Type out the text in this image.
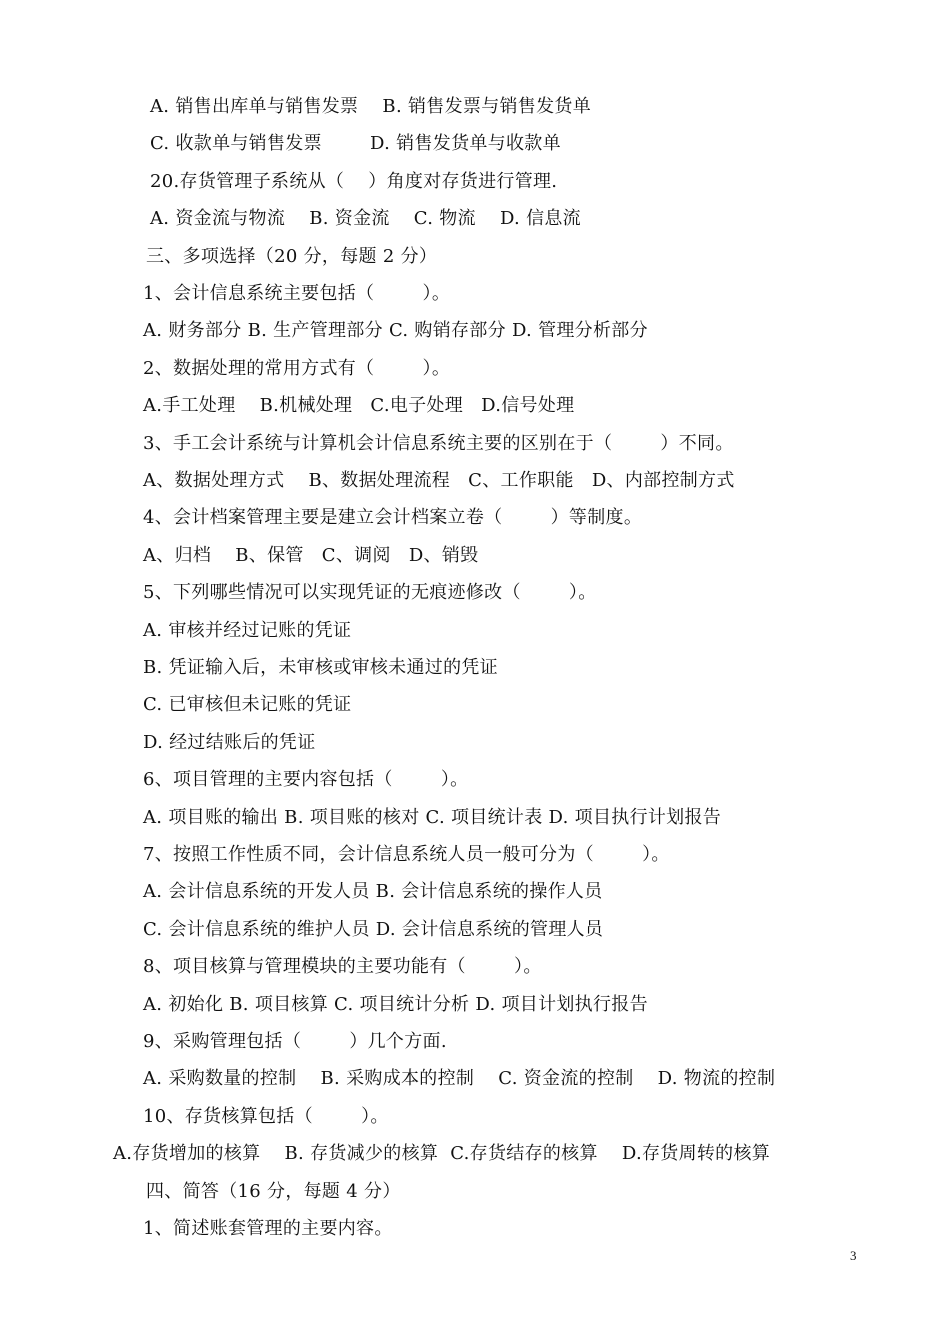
A. 销售出库单与销售发票    B. 销售发票与销售发货单
C. 收款单与销售发票        D. 销售发货单与收款单
20.存货管理子系统从（    ）角度对存货进行管理.
A. 资金流与物流    B. 资金流    C. 物流    D. 信息流
三、多项选择（20 分，每题 2 分）
1、会计信息系统主要包括（        ）。
A. 财务部分 B. 生产管理部分 C. 购销存部分 D. 管理分析部分
2、数据处理的常用方式有（        ）。
A.手工处理    B.机械处理   C.电子处理   D.信号处理
3、手工会计系统与计算机会计信息系统主要的区别在于（        ）不同。
A、数据处理方式    B、数据处理流程   C、工作职能   D、内部控制方式
4、会计档案管理主要是建立会计档案立卷（        ）等制度。
A、归档    B、保管   C、调阅   D、销毁
5、下列哪些情况可以实现凭证的无痕迹修改（        ）。
A. 审核并经过记账的凭证
B. 凭证输入后，未审核或审核未通过的凭证
C. 已审核但未记账的凭证
D. 经过结账后的凭证
6、项目管理的主要内容包括（        ）。
A. 项目账的输出 B. 项目账的核对 C. 项目统计表 D. 项目执行计划报告
7、按照工作性质不同，会计信息系统人员一般可分为（        ）。
A. 会计信息系统的开发人员 B. 会计信息系统的操作人员
C. 会计信息系统的维护人员 D. 会计信息系统的管理人员
8、项目核算与管理模块的主要功能有（        ）。
A. 初始化 B. 项目核算 C. 项目统计分析 D. 项目计划执行报告
9、采购管理包括（        ）几个方面.
A. 采购数量的控制    B. 采购成本的控制    C. 资金流的控制    D. 物流的控制
10、存货核算包括（        ）。
A.存货增加的核算    B. 存货减少的核算  C.存货结存的核算    D.存货周转的核算
四、简答（16 分，每题 4 分）
1、简述账套管理的主要内容。
3
